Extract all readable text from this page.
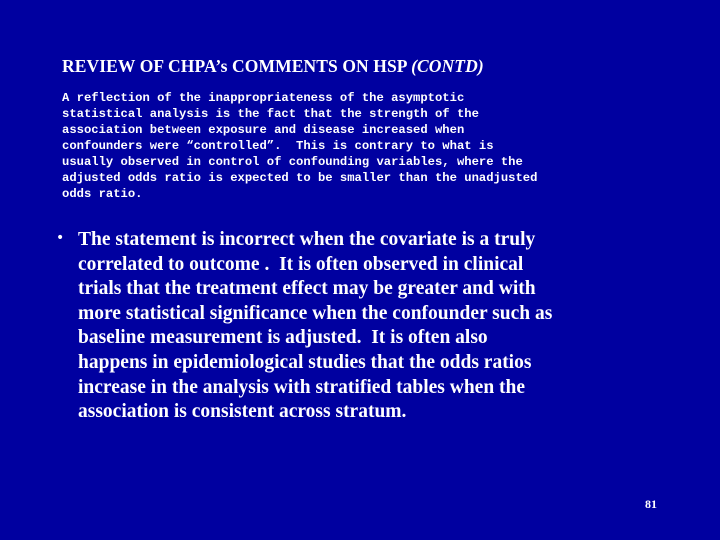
REVIEW OF CHPA’s COMMENTS ON HSP (CONTD)
A reflection of the inappropriateness of the asymptotic
statistical analysis is the fact that the strength of the
association between exposure and disease increased when
confounders were “controlled”.  This is contrary to what is
usually observed in control of confounding variables, where the
adjusted odds ratio is expected to be smaller than the unadjusted
odds ratio.
• The statement is incorrect when the covariate is a truly
correlated to outcome .  It is often observed in clinical
trials that the treatment effect may be greater and with
more statistical significance when the confounder such as
baseline measurement is adjusted.  It is often also
happens in epidemiological studies that the odds ratios
increase in the analysis with stratified tables when the
association is consistent across stratum.
81
